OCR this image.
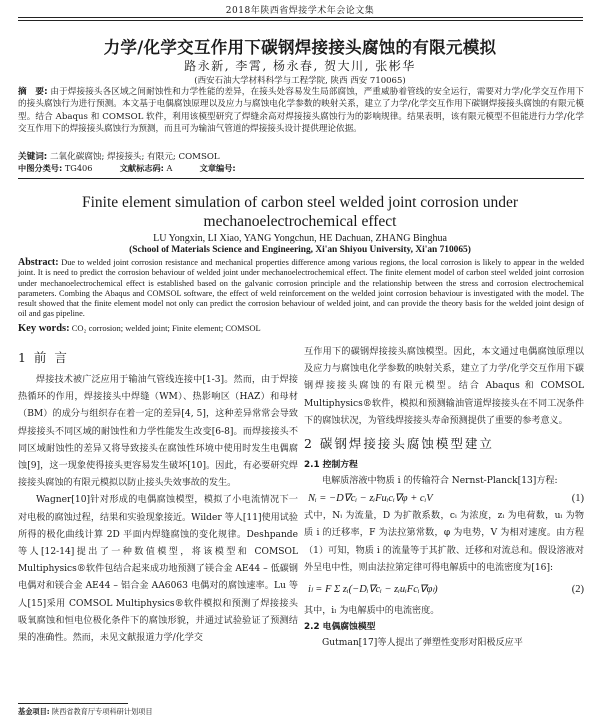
2018年陕西省焊接学术年会论文集
力学/化学交互作用下碳钢焊接接头腐蚀的有限元模拟
路永新, 李霄, 杨永春, 贺大川, 张彬华
(西安石油大学材料科学与工程学院, 陕西 西安 710065)
摘　要: 由于焊接接头各区域之间耐蚀性和力学性能的差异，在接头处容易发生局部腐蚀，严重威胁着管线的安全运行，需要对力学/化学交互作用下的接头腐蚀行为进行预测。本文基于电偶腐蚀原理以及应力与腐蚀电化学参数的映射关系，建立了力学/化学交互作用下碳钢焊接接头腐蚀的有限元模型。结合 Abaqus 和 COMSOL 软件，利用该模型研究了焊缝余高对焊接接头腐蚀行为的影响规律。结果表明，该有限元模型不但能进行力学/化学交互作用下的焊接接头腐蚀行为预测，而且可为输油气管道的焊接接头设计提供理论依据。
关键词: 二氧化碳腐蚀; 焊接接头; 有限元; COMSOL
中图分类号: TG406	文献标志码: A	文章编号:
Finite element simulation of carbon steel welded joint corrosion under
mechanoelectrochemical effect
LU Yongxin, LI Xiao, YANG Yongchun, HE Dachuan, ZHANG Binghua
(School of Materials Science and Engineering, Xi'an Shiyou University, Xi'an 710065)
Abstract: Due to welded joint corrosion resistance and mechanical properties difference among various regions, the local corrosion is likely to appear in the welded joint. It is need to predict the corrosion behaviour of welded joint under mechanoelectrochemical effect. The finite element model of carbon steel welded joint corrosion under mechanoelectrochemical effect is established based on the galvanic corrosion principle and the relationship between the stress and corrosion electrochemical parameters. Combing the Abaqus and COMSOL software, the effect of weld reinforcement on the welded joint corrosion behaviour is investigated with the model. The result showed that the finite element model not only can predict the corrosion behaviour of welded joint, and can provide the theory basis for the welded joint design of oil and gas pipeline.
Key words: CO₂ corrosion; welded joint; Finite element; COMSOL
1 前 言

焊接技术被广泛应用于输油气管线连接中[1-3]。然而，由于焊接热循环的作用，焊接接头中焊缝（WM）、热影响区（HAZ）和母材（BM）的成分与组织存在着一定的差异[4, 5]，这种差异常常会导致焊接接头不同区域的耐蚀性和力学性能发生改变[6-8]。而焊接接头不同区域耐蚀性的差异又将导致接头在腐蚀性环境中使用时发生电偶腐蚀[9]，这一现象使得接头更容易发生破坏[10]。因此，有必要研究焊接接头腐蚀的有限元模拟以防止接头失效事故的发生。

Wagner[10]针对形成的电偶腐蚀模型，模拟了小电流情况下一对电极的腐蚀过程，结果和实验现象接近。Wilder 等人[11]使用试验所得的极化曲线计算 2D 平面内焊缝腐蚀的变化规律。Deshpande 等人[12-14]提出了一种数值模型，将该模型和 COMSOL Multiphysics®软件包结合起来成功地预测了镁合金 AE44 – 低碳钢电偶对和镁合金 AE44 – 铝合金 AA6063 电偶对的腐蚀速率。Lu 等人[15]采用 COMSOL Multiphysics®软件模拟和预测了焊接接头吸氧腐蚀和恒电位极化条件下的腐蚀形貌，并通过试验验证了预测结果的准确性。然而，未见文献报道力学/化学交

互作用下的碳钢焊接接头腐蚀模型。因此，本文通过电偶腐蚀原理以及应力与腐蚀电化学参数的映射关系，建立了力学/化学交互作用下碳钢焊接接头腐蚀的有限元模型。结合 Abaqus 和 COMSOL Multiphysics®软件，模拟和预测输油管道焊接接头在不同工况条件下的腐蚀状况，为管线焊接接头寿命预测提供了重要的参考意义。

2 碳钢焊接接头腐蚀模型建立
2.1 控制方程

电解质溶液中物质 i 的传输符合 Nernst-Planck[13]方程:

Nᵢ = −D∇cᵢ − zᵢFuᵢcᵢ∇φ + cᵢV	(1)

式中，Nᵢ 为流量，D 为扩散系数，cᵢ 为浓度，zᵢ 为电荷数，uᵢ 为物质 i 的迁移率，F 为法拉第常数，φ 为电势，V 为相对速度。由方程（1）可知，物质 i 的流量等于其扩散、迁移和对流总和。假设溶液对外呈电中性，则由法拉第定律可得电解质中的电流密度为[16]:

iₗ = F Σ zᵢ(−Dᵢ∇cᵢ − zᵢuᵢFcᵢ∇φₗ)	(2)

其中，iₗ 为电解质中的电流密度。

2.2 电偶腐蚀模型

Gutman[17]等人提出了弹塑性变形对阳极反应平

基金项目: 陕西省教育厅专项科研计划项目
